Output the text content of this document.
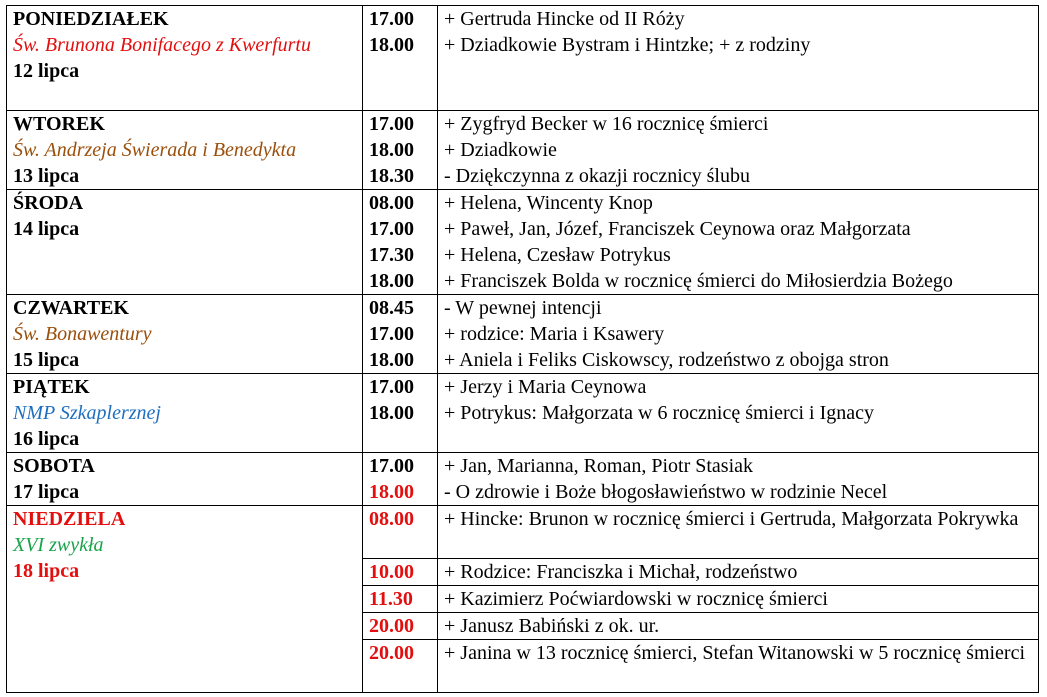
PONIEDZIAŁEK
Św. Brunona Bonifacego z Kwerfurtu
12 lipca	17.00	+ Gertruda Hincke od II Róży
	18.00	+ Dziadkowie Bystram i Hintzke; + z rodziny

WTOREK
Św. Andrzeja Świerada i Benedykta
13 lipca	17.00	+ Zygfryd Becker w 16 rocznicę śmierci
	18.00	+ Dziadkowie
	18.30	- Dziękczynna z okazji rocznicy ślubu

ŚRODA
14 lipca	08.00	+ Helena, Wincenty Knop
	17.00	+ Paweł, Jan, Józef, Franciszek Ceynowa oraz Małgorzata
	17.30	+ Helena, Czesław Potrykus
	18.00	+ Franciszek Bolda w rocznicę śmierci do Miłosierdzia Bożego

CZWARTEK
Św. Bonawentury
15 lipca	08.45	- W pewnej intencji
	17.00	+ rodzice: Maria i Ksawery
	18.00	+ Aniela i Feliks Ciskowscy, rodzeństwo z obojga stron

PIĄTEK
NMP Szkaplerznej
16 lipca	17.00	+ Jerzy i Maria Ceynowa
	18.00	+ Potrykus: Małgorzata w 6 rocznicę śmierci i Ignacy

SOBOTA
17 lipca	17.00	+ Jan, Marianna, Roman, Piotr Stasiak
	18.00	- O zdrowie i Boże błogosławieństwo w rodzinie Necel

NIEDZIELA
XVI zwykła
18 lipca	08.00	+ Hincke: Brunon w rocznicę śmierci i Gertruda, Małgorzata Pokrywka
	10.00	+ Rodzice: Franciszka i Michał, rodzeństwo
	11.30	+ Kazimierz Poćwiardowski w rocznicę śmierci
	20.00	+ Janusz Babiński z ok. ur.
	20.00	+ Janina w 13 rocznicę śmierci, Stefan Witanowski w 5 rocznicę śmierci
